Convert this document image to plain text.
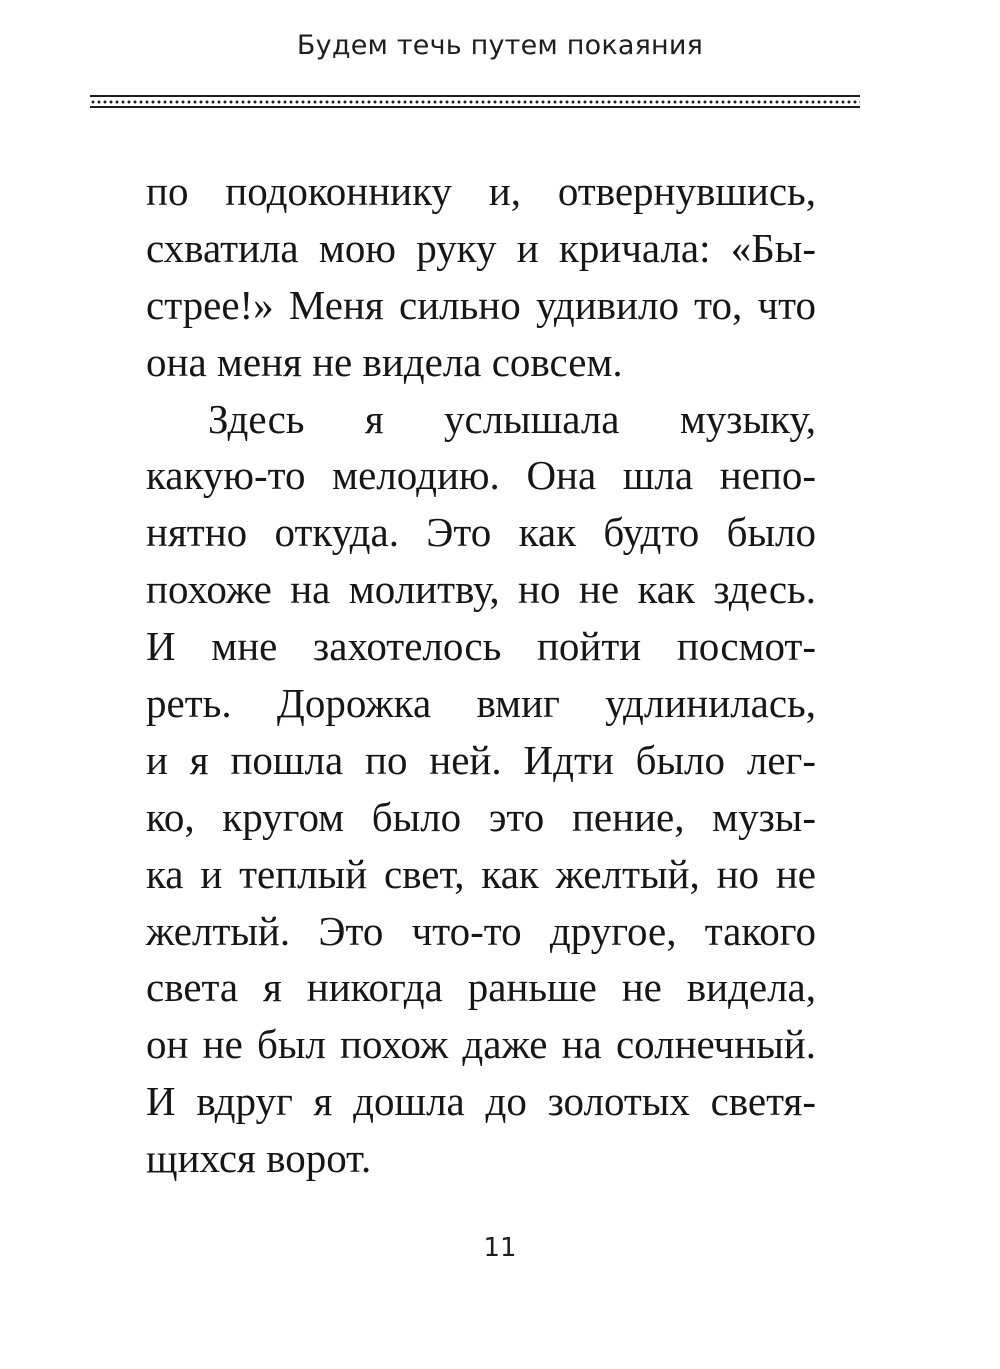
Будем течь путем покаяния
по подоконнику и, отвернувшись,
схватила мою руку и кричала: «Бы-
стрее!» Меня сильно удивило то, что
она меня не видела совсем.
Здесь я услышала музыку,
какую-то мелодию. Она шла непо-
нятно откуда. Это как будто было
похоже на молитву, но не как здесь.
И мне захотелось пойти посмот-
реть. Дорожка вмиг удлинилась,
и я пошла по ней. Идти было лег-
ко, кругом было это пение, музы-
ка и теплый свет, как желтый, но не
желтый. Это что-то другое, такого
света я никогда раньше не видела,
он не был похож даже на солнечный.
И вдруг я дошла до золотых светя-
щихся ворот.
11
